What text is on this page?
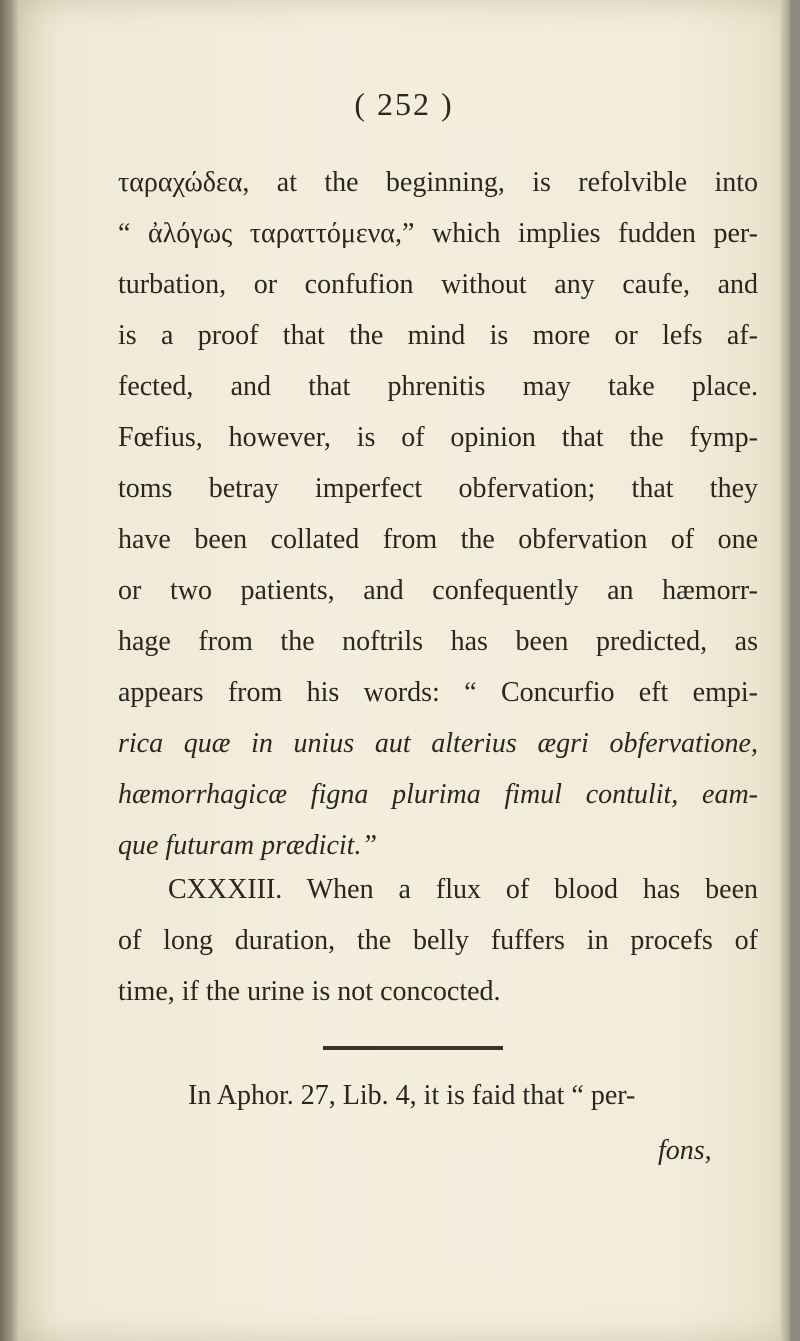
( 252 )
ταραχώδεα, at the beginning, is refolvible into
“ ἀλόγως ταραττόμενα,” which implies fudden per-
turbation, or confufion without any caufe, and
is a proof that the mind is more or lefs af-
fected, and that phrenitis may take place.
Fœfius, however, is of opinion that the fymp-
toms betray imperfect obfervation; that they
have been collated from the obfervation of one
or two patients, and confequently an hæmorr-
hage from the noftrils has been predicted, as
appears from his words: “ Concurfio eft empi-
rica quæ in unius aut alterius ægri obfervatione,
hæmorrhagicæ figna plurima fimul contulit, eam-
que futuram prædicit.”
CXXXIII. When a flux of blood has been
of long duration, the belly fuffers in procefs of
time, if the urine is not concocted.
In Aphor. 27, Lib. 4, it is faid that “ per-
fons,
